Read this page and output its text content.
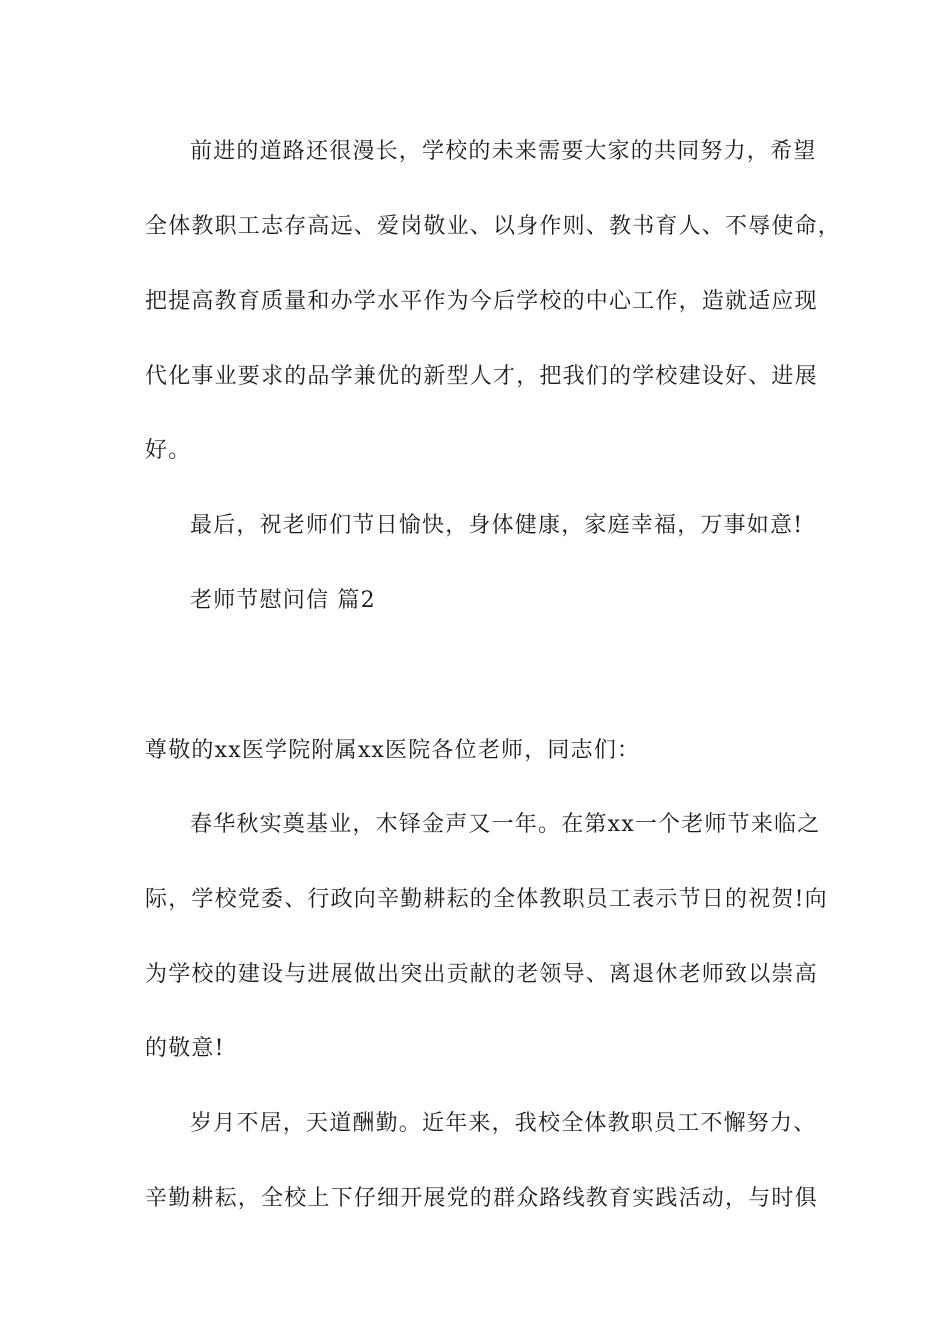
前进的道路还很漫长，学校的未来需要大家的共同努力，希望
全体教职工志存高远、爱岗敬业、以身作则、教书育人、不辱使命，
把提高教育质量和办学水平作为今后学校的中心工作，造就适应现
代化事业要求的品学兼优的新型人才，把我们的学校建设好、进展
好。
最后，祝老师们节日愉快，身体健康，家庭幸福，万事如意!
老师节慰问信 篇2
尊敬的xx医学院附属xx医院各位老师，同志们：
春华秋实奠基业，木铎金声又一年。在第xx一个老师节来临之
际，学校党委、行政向辛勤耕耘的全体教职员工表示节日的祝贺!向
为学校的建设与进展做出突出贡献的老领导、离退休老师致以崇高
的敬意!
岁月不居，天道酬勤。近年来，我校全体教职员工不懈努力、
辛勤耕耘，全校上下仔细开展党的群众路线教育实践活动，与时俱
